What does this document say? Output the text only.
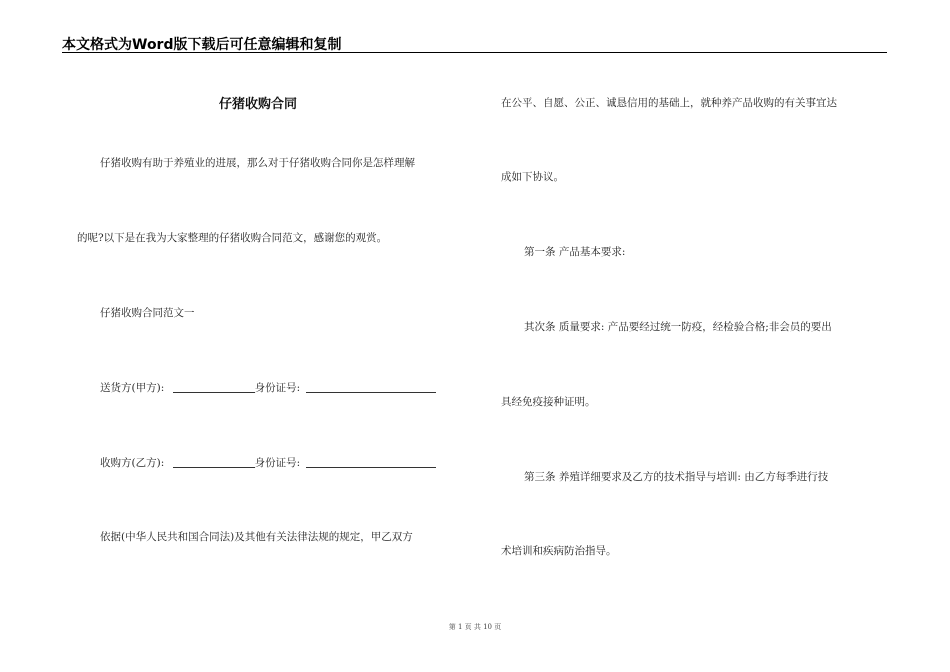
本文格式为Word版下载后可任意编辑和复制
仔猪收购合同
仔猪收购有助于养殖业的进展，那么对于仔猪收购合同你是怎样理解
的呢?以下是在我为大家整理的仔猪收购合同范文，感谢您的观赏。
仔猪收购合同范文一
送货方(甲方):	身份证号:
收购方(乙方):	身份证号:
依据(中华人民共和国合同法)及其他有关法律法规的规定，甲乙双方
在公平、自愿、公正、诚恳信用的基础上，就种养产品收购的有关事宜达
成如下协议。
第一条 产品基本要求:
其次条 质量要求: 产品要经过统一防疫，经检验合格;非会员的要出
具经免疫接种证明。
第三条 养殖详细要求及乙方的技术指导与培训: 由乙方每季进行技
术培训和疾病防治指导。
第 1 页 共 10 页
